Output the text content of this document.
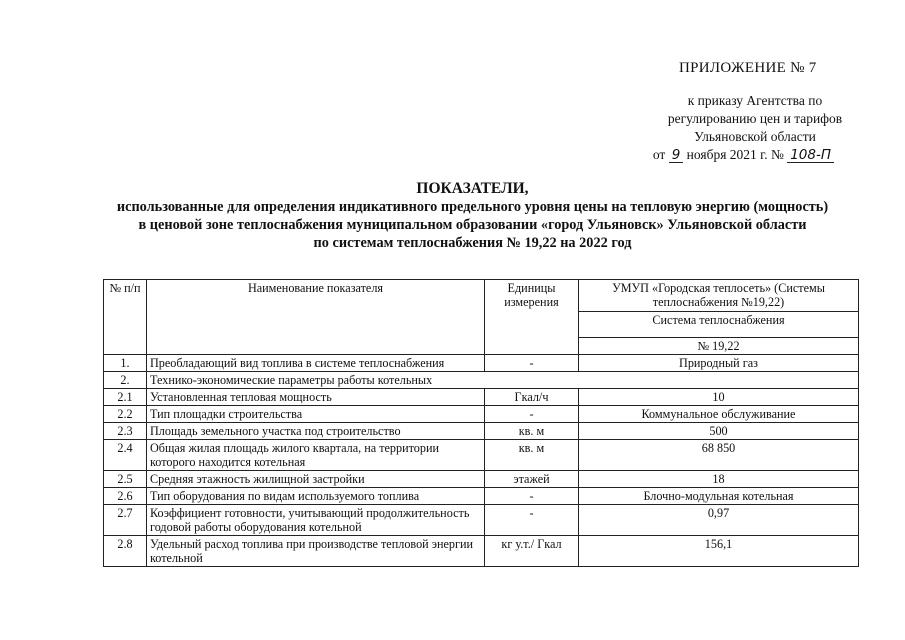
ПРИЛОЖЕНИЕ № 7
к приказу Агентства по
регулированию цен и тарифов
Ульяновской области
от 9 ноября 2021 г. № 108-П
ПОКАЗАТЕЛИ,
использованные для определения индикативного предельного уровня цены на тепловую энергию (мощность)
в ценовой зоне теплоснабжения муниципальном образовании «город Ульяновск» Ульяновской области
по системам теплоснабжения № 19,22 на 2022 год
№ п/п	Наименование показателя	Единицы измерения	УМУП «Городская теплосеть» (Системы теплоснабжения №19,22)
			Система теплоснабжения
			№ 19,22
1.	Преобладающий вид топлива в системе теплоснабжения	-	Природный газ
2.	Технико-экономические параметры работы котельных		
2.1	Установленная тепловая мощность	Гкал/ч	10
2.2	Тип площадки строительства	-	Коммунальное обслуживание
2.3	Площадь земельного участка под строительство	кв. м	500
2.4	Общая жилая площадь жилого квартала, на территории которого находится котельная	кв. м	68 850
2.5	Средняя этажность жилищной застройки	этажей	18
2.6	Тип оборудования по видам используемого топлива	-	Блочно-модульная котельная
2.7	Коэффициент готовности, учитывающий продолжительность годовой работы оборудования котельной	-	0,97
2.8	Удельный расход топлива при производстве тепловой энергии котельной	кг у.т./ Гкал	156,1
